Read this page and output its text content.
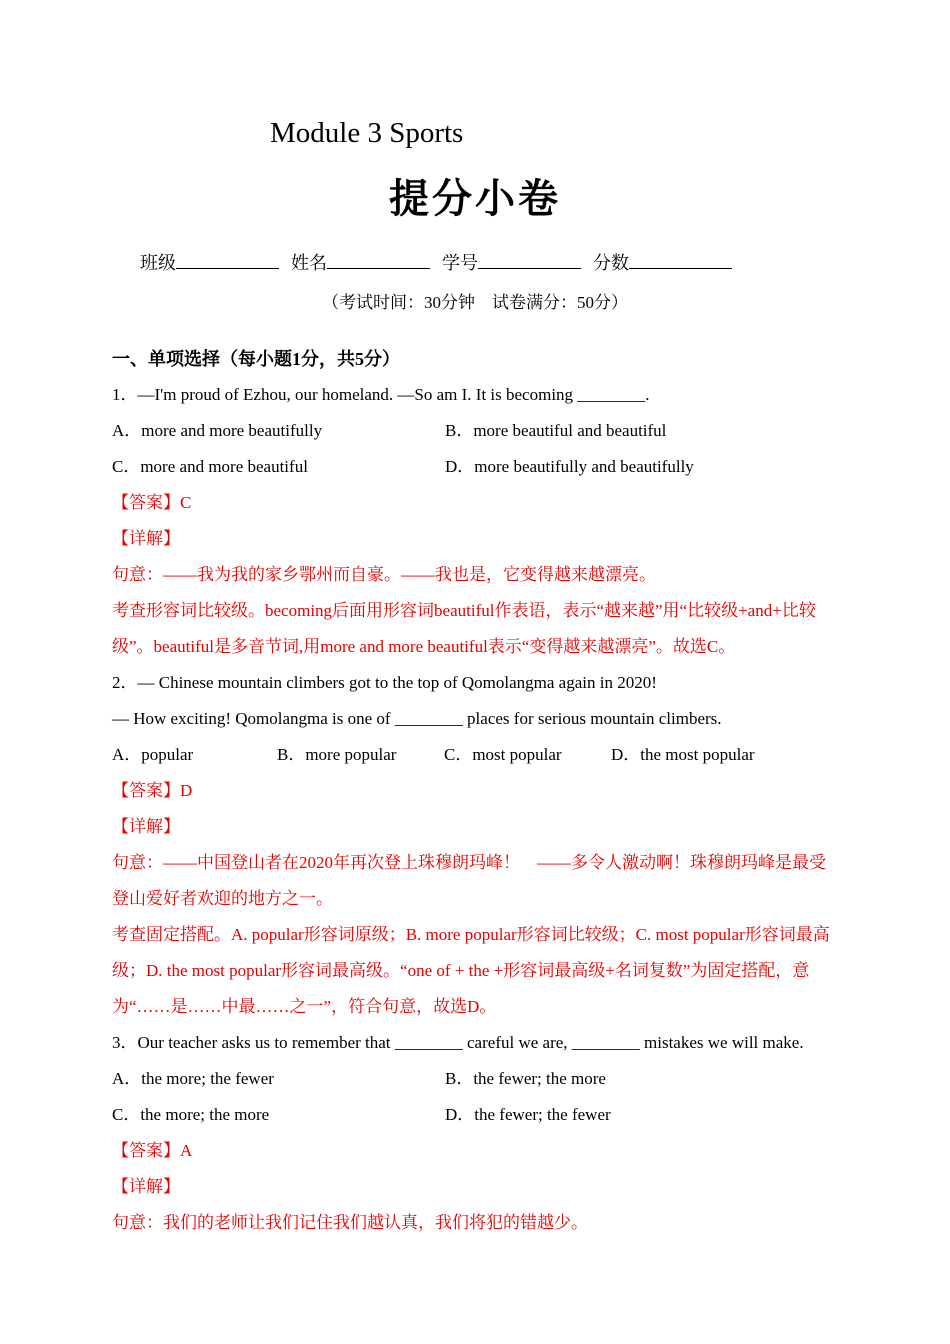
Module 3 Sports
提分小卷
班级	姓名	学号	分数
（考试时间：30分钟　试卷满分：50分）
一、单项选择（每小题1分，共5分）

1．—I'm proud of Ezhou, our homeland. —So am I. It is becoming ________.

A．more and more beautifully	B．more beautiful and beautiful
C．more and more beautiful	D．more beautifully and beautifully

【答案】C

【详解】

句意：——我为我的家乡鄂州而自豪。——我也是，它变得越来越漂亮。

考查形容词比较级。becoming后面用形容词beautiful作表语，表示“越来越”用“比较级+and+比较级”。beautiful是多音节词,用more and more beautiful表示“变得越来越漂亮”。故选C。

2．— Chinese mountain climbers got to the top of Qomolangma again in 2020!

— How exciting! Qomolangma is one of ________ places for serious mountain climbers.

A．popular	B．more popular	C．most popular	D．the most popular

【答案】D

【详解】

句意：——中国登山者在2020年再次登上珠穆朗玛峰！　——多令人激动啊！珠穆朗玛峰是最受登山爱好者欢迎的地方之一。

考查固定搭配。A. popular形容词原级；B. more popular形容词比较级；C. most popular形容词最高级；D. the most popular形容词最高级。“one of + the +形容词最高级+名词复数”为固定搭配，意为“……是……中最……之一”，符合句意，故选D。

3．Our teacher asks us to remember that ________ careful we are, ________ mistakes we will make.

A．the more; the fewer	B．the fewer; the more
C．the more; the more	D．the fewer; the fewer

【答案】A

【详解】

句意：我们的老师让我们记住我们越认真，我们将犯的错越少。
